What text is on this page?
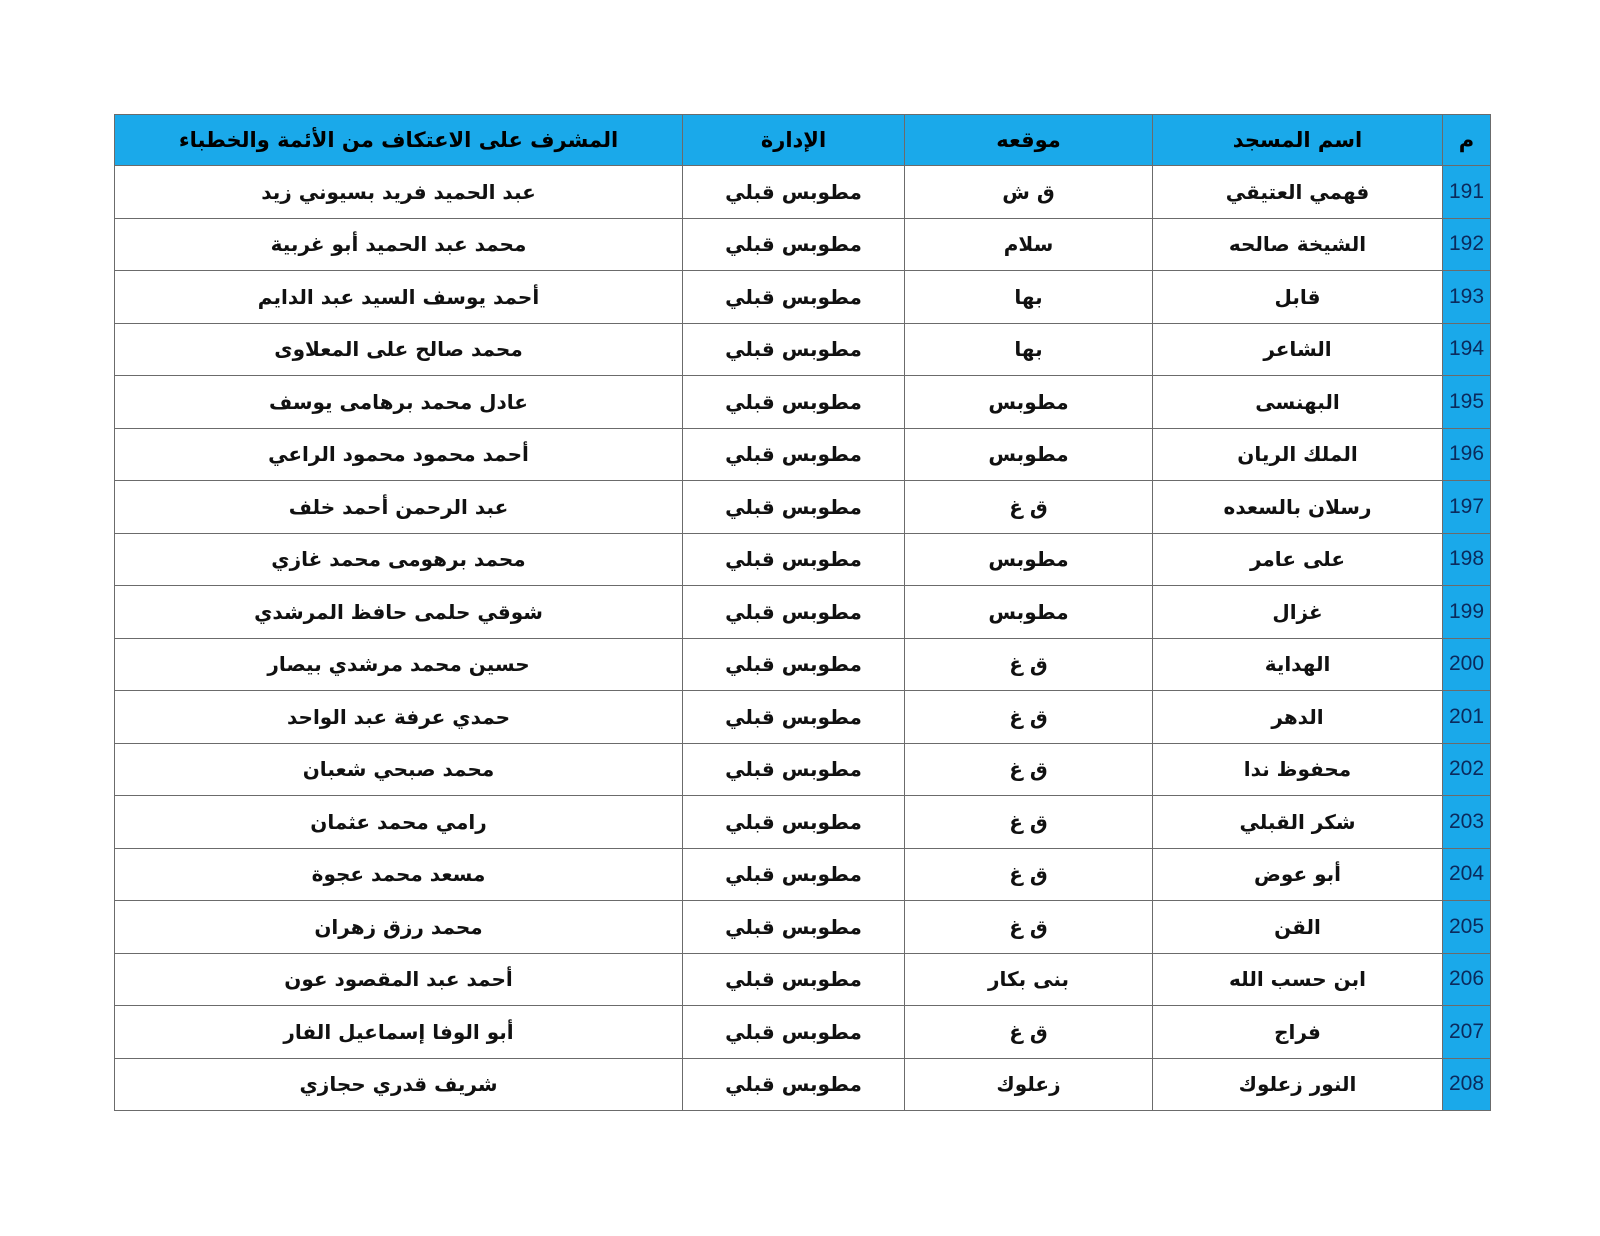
م	اسم المسجد	موقعه	الإدارة	المشرف على الاعتكاف من الأئمة والخطباء
191	فهمي العتيقي	ق ش	مطوبس قبلي	عبد الحميد فريد بسيوني زيد
192	الشيخة صالحه	سلام	مطوبس قبلي	محمد عبد الحميد أبو غربية
193	قابل	بها	مطوبس قبلي	أحمد يوسف السيد عبد الدايم
194	الشاعر	بها	مطوبس قبلي	محمد صالح على المعلاوى
195	البهنسى	مطوبس	مطوبس قبلي	عادل محمد برهامى يوسف
196	الملك الريان	مطوبس	مطوبس قبلي	أحمد محمود محمود الراعي
197	رسلان بالسعده	ق غ	مطوبس قبلي	عبد الرحمن أحمد خلف
198	على عامر	مطوبس	مطوبس قبلي	محمد برهومى محمد غازي
199	غزال	مطوبس	مطوبس قبلي	شوقي حلمى حافظ المرشدي
200	الهداية	ق غ	مطوبس قبلي	حسين محمد مرشدي بيصار
201	الدهر	ق غ	مطوبس قبلي	حمدي عرفة عبد الواحد
202	محفوظ ندا	ق غ	مطوبس قبلي	محمد صبحي شعبان
203	شكر القبلي	ق غ	مطوبس قبلي	رامي محمد عثمان
204	أبو عوض	ق غ	مطوبس قبلي	مسعد محمد عجوة
205	القن	ق غ	مطوبس قبلي	محمد رزق زهران
206	ابن حسب الله	بنى بكار	مطوبس قبلي	أحمد عبد المقصود عون
207	فراج	ق غ	مطوبس قبلي	أبو الوفا إسماعيل الفار
208	النور زعلوك	زعلوك	مطوبس قبلي	شريف قدري حجازي
